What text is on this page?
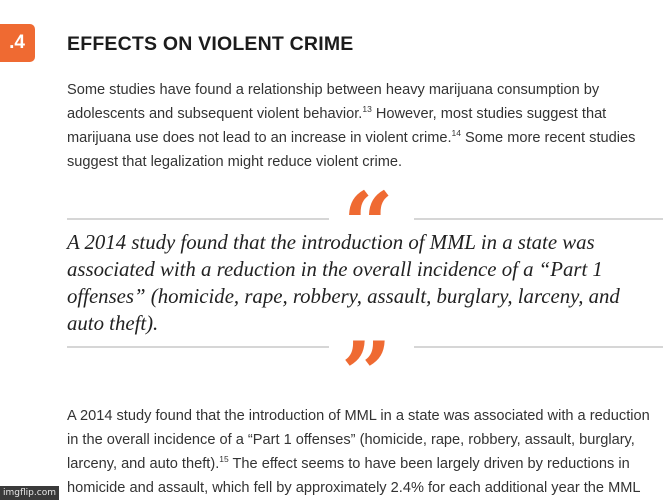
.4 EFFECTS ON VIOLENT CRIME

Some studies have found a relationship between heavy marijuana consumption by adolescents and subsequent violent behavior.$^{13}$ However, most studies suggest that marijuana use does not lead to an increase in violent crime.$^{14}$ Some more recent studies suggest that legalization might reduce violent crime.

“

A 2014 study found that the introduction of MML in a state was associated with a reduction in the overall incidence of a “Part 1 offenses” (homicide, rape, robbery, assault, burglary, larceny, and auto theft).	”

A 2014 study found that the introduction of MML in a state was associated with a reduction
in the overall incidence of a “Part 1 offenses” (homicide, rape, robbery, assault, burglary,
larceny, and auto theft).$^{15}$ The effect seems to have been largely driven by reductions in
homicide and assault, which fell by approximately 2.4% for each additional year the MML

imgflip.com
